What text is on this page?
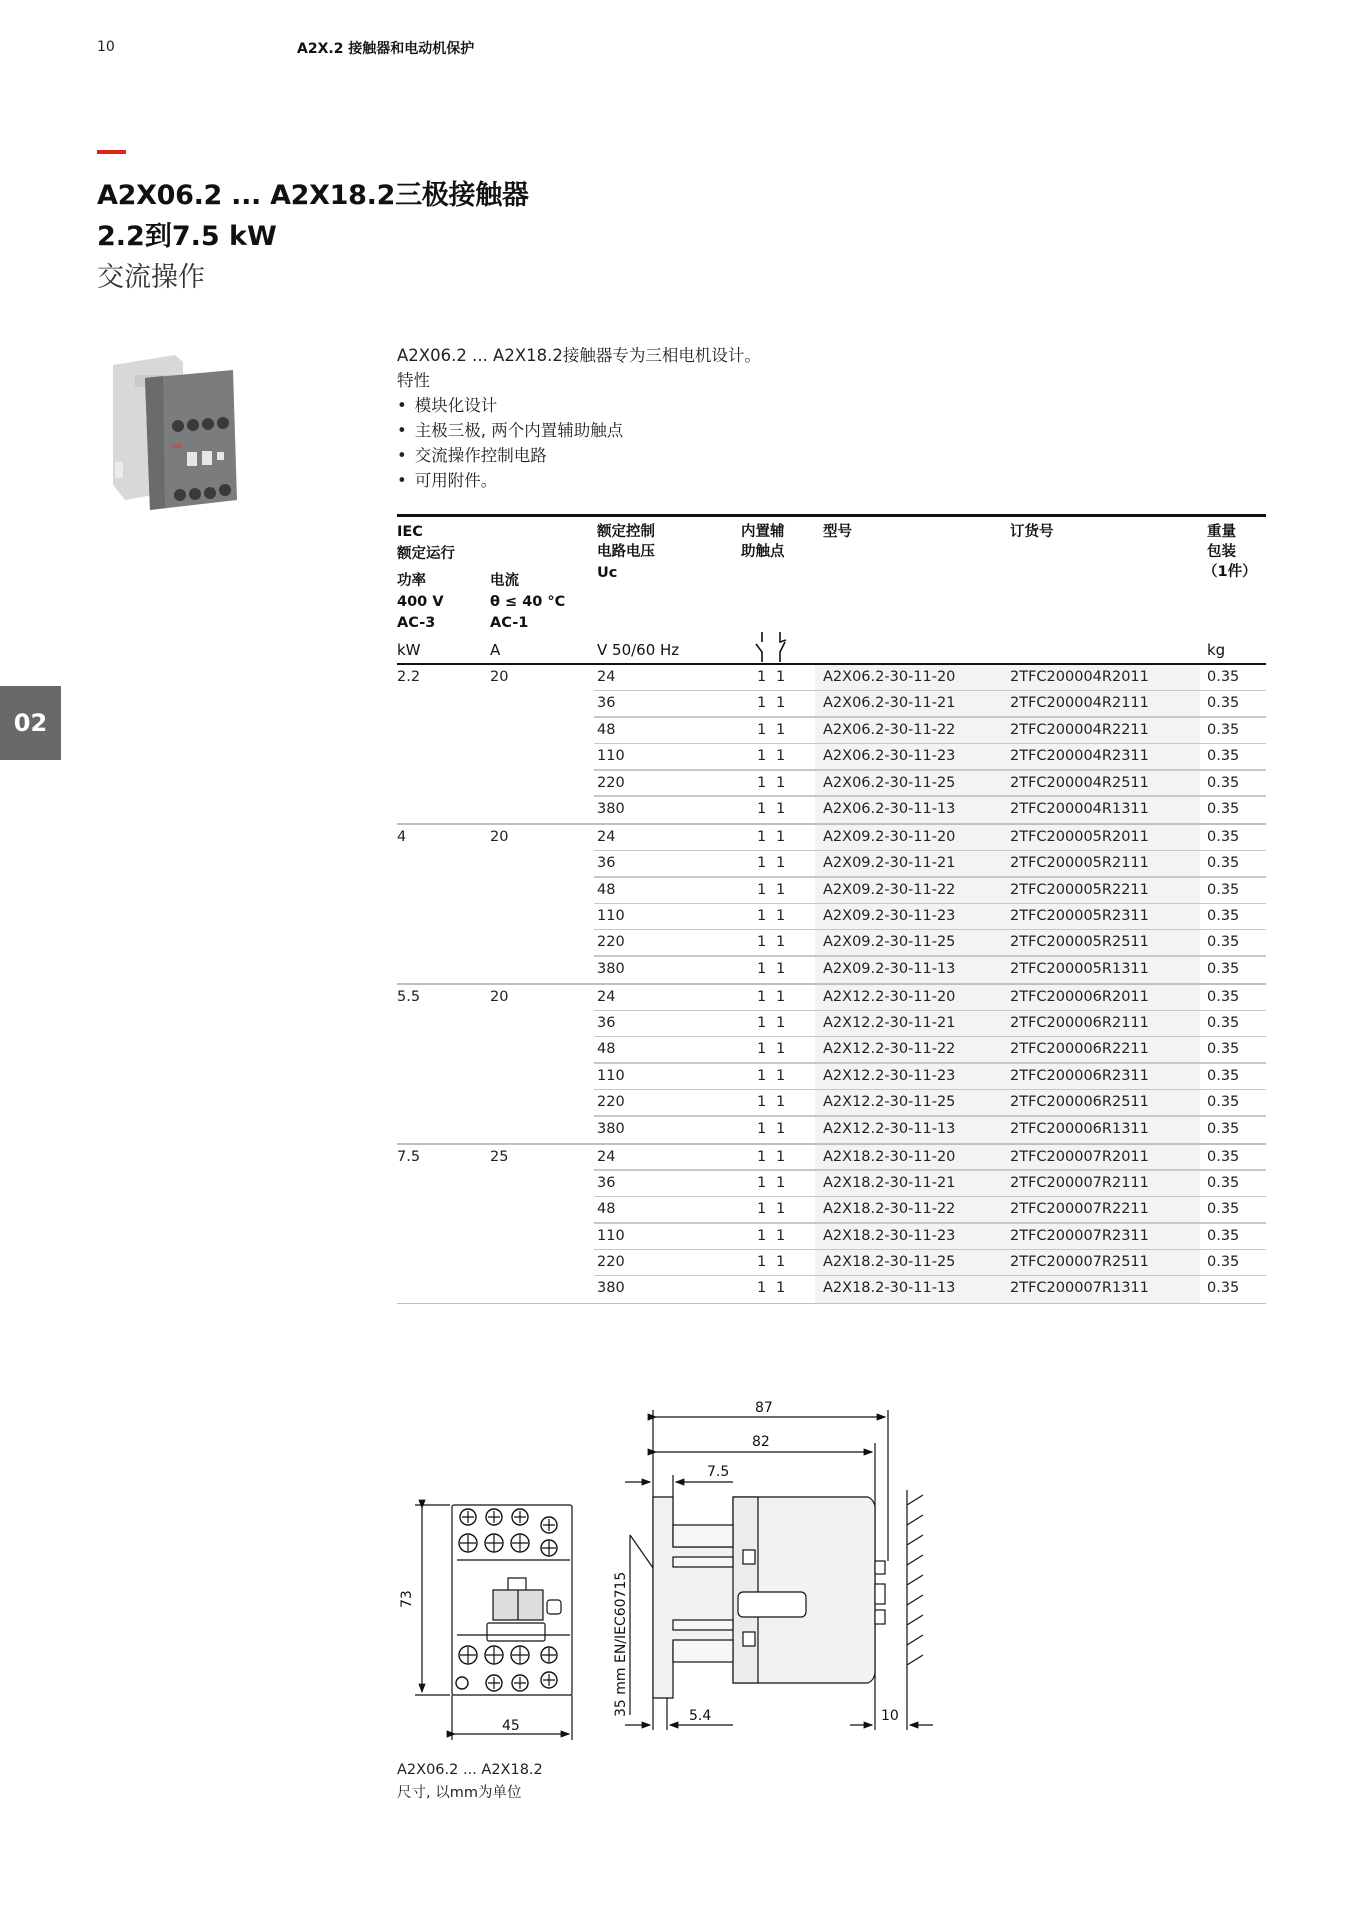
10	A2X.2 接触器和电动机保护
A2X06.2 ... A2X18.2三极接触器
2.2到7.5 kW
交流操作
02
ABB
A2X06.2 ... A2X18.2接触器专为三相电机设计。
特性
• 模块化设计
• 主极三极, 两个内置辅助触点
• 交流操作控制电路
• 可用附件。
IEC
额定运行
功率
400 V
AC-3
电流
θ ≤ 40 °C
AC-1
额定控制
电路电压
Uc
内置辅
助触点
型号	订货号	重量
包装
（1件）
kW	A	V 50/60 Hz	kg
2.2	20	24	1 1	A2X06.2-30-11-20	2TFC200004R2011	0.35
36	1 1	A2X06.2-30-11-21	2TFC200004R2111	0.35
48	1 1	A2X06.2-30-11-22	2TFC200004R2211	0.35
110	1 1	A2X06.2-30-11-23	2TFC200004R2311	0.35
220	1 1	A2X06.2-30-11-25	2TFC200004R2511	0.35
380	1 1	A2X06.2-30-11-13	2TFC200004R1311	0.35
4	20	24	1 1	A2X09.2-30-11-20	2TFC200005R2011	0.35
36	1 1	A2X09.2-30-11-21	2TFC200005R2111	0.35
48	1 1	A2X09.2-30-11-22	2TFC200005R2211	0.35
110	1 1	A2X09.2-30-11-23	2TFC200005R2311	0.35
220	1 1	A2X09.2-30-11-25	2TFC200005R2511	0.35
380	1 1	A2X09.2-30-11-13	2TFC200005R1311	0.35
5.5	20	24	1 1	A2X12.2-30-11-20	2TFC200006R2011	0.35
36	1 1	A2X12.2-30-11-21	2TFC200006R2111	0.35
48	1 1	A2X12.2-30-11-22	2TFC200006R2211	0.35
110	1 1	A2X12.2-30-11-23	2TFC200006R2311	0.35
220	1 1	A2X12.2-30-11-25	2TFC200006R2511	0.35
380	1 1	A2X12.2-30-11-13	2TFC200006R1311	0.35
7.5	25	24	1 1	A2X18.2-30-11-20	2TFC200007R2011	0.35
36	1 1	A2X18.2-30-11-21	2TFC200007R2111	0.35
48	1 1	A2X18.2-30-11-22	2TFC200007R2211	0.35
110	1 1	A2X18.2-30-11-23	2TFC200007R2311	0.35
220	1 1	A2X18.2-30-11-25	2TFC200007R2511	0.35
380	1 1	A2X18.2-30-11-13	2TFC200007R1311	0.35
73
45
7.5
87
82
5.4	10
35 mm EN/IEC60715
A2X06.2 ... A2X18.2
尺寸, 以mm为单位
